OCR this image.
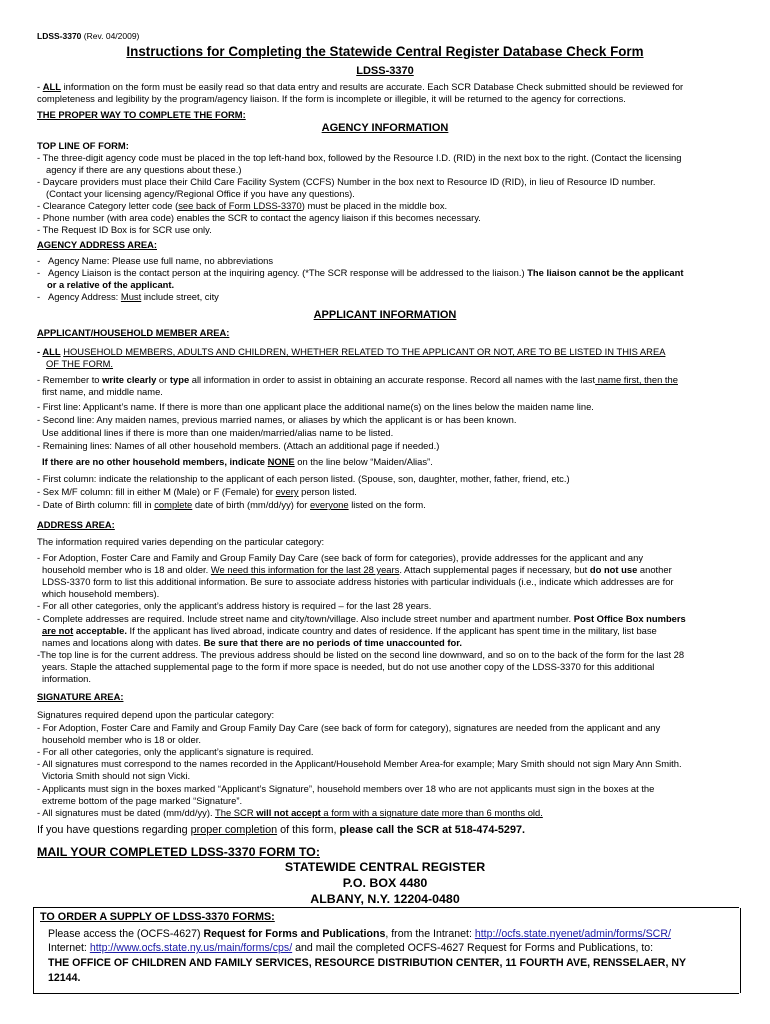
LDSS-3370 (Rev. 04/2009)
Instructions for Completing the Statewide Central Register Database Check Form
LDSS-3370
- ALL information on the form must be easily read so that data entry and results are accurate. Each SCR Database Check submitted should be reviewed for
completeness and legibility by the program/agency liaison. If the form is incomplete or illegible, it will be returned to the agency for corrections.
THE PROPER WAY TO COMPLETE THE FORM:
AGENCY INFORMATION
TOP LINE OF FORM:
- The three-digit agency code must be placed in the top left-hand box, followed by the Resource I.D. (RID) in the next box to the right. (Contact the licensing
agency if there are any questions about these.)
- Daycare providers must place their Child Care Facility System (CCFS) Number in the box next to Resource ID (RID), in lieu of Resource ID number.
(Contact your licensing agency/Regional Office if you have any questions).
- Clearance Category letter code (see back of Form LDSS-3370) must be placed in the middle box.
- Phone number (with area code) enables the SCR to contact the agency liaison if this becomes necessary.
- The Request ID Box is for SCR use only.
AGENCY ADDRESS AREA:
-   Agency Name: Please use full name, no abbreviations
-   Agency Liaison is the contact person at the inquiring agency. (*The SCR response will be addressed to the liaison.) The liaison cannot be the applicant
or a relative of the applicant.
-   Agency Address: Must include street, city
APPLICANT INFORMATION
APPLICANT/HOUSEHOLD MEMBER AREA:
- ALL HOUSEHOLD MEMBERS, ADULTS AND CHILDREN, WHETHER RELATED TO THE APPLICANT OR NOT, ARE TO BE LISTED IN THIS AREA
OF THE FORM.
- Remember to write clearly or type all information in order to assist in obtaining an accurate response. Record all names with the last name first, then the
first name, and middle name.
- First line: Applicant’s name. If there is more than one applicant place the additional name(s) on the lines below the maiden name line.
- Second line: Any maiden names, previous married names, or aliases by which the applicant is or has been known.
Use additional lines if there is more than one maiden/married/alias name to be listed.
- Remaining lines: Names of all other household members. (Attach an additional page if needed.)
If there are no other household members, indicate NONE on the line below “Maiden/Alias”.
- First column: indicate the relationship to the applicant of each person listed. (Spouse, son, daughter, mother, father, friend, etc.)
- Sex M/F column: fill in either M (Male) or F (Female) for every person listed.
- Date of Birth column: fill in complete date of birth (mm/dd/yy) for everyone listed on the form.
ADDRESS AREA:
The information required varies depending on the particular category:
- For Adoption, Foster Care and Family and Group Family Day Care (see back of form for categories), provide addresses for the applicant and any
household member who is 18 and older. We need this information for the last 28 years. Attach supplemental pages if necessary, but do not use another
LDSS-3370 form to list this additional information. Be sure to associate address histories with particular individuals (i.e., indicate which addresses are for
which household members).
- For all other categories, only the applicant’s address history is required – for the last 28 years.
- Complete addresses are required. Include street name and city/town/village. Also include street number and apartment number. Post Office Box numbers
are not acceptable. If the applicant has lived abroad, indicate country and dates of residence. If the applicant has spent time in the military, list base
names and locations along with dates. Be sure that there are no periods of time unaccounted for.
-The top line is for the current address. The previous address should be listed on the second line downward, and so on to the back of the form for the last 28
years. Staple the attached supplemental page to the form if more space is needed, but do not use another copy of the LDSS-3370 for this additional
information.
SIGNATURE AREA:
Signatures required depend upon the particular category:
- For Adoption, Foster Care and Family and Group Family Day Care (see back of form for category), signatures are needed from the applicant and any
household member who is 18 or older.
- For all other categories, only the applicant’s signature is required.
- All signatures must correspond to the names recorded in the Applicant/Household Member Area-for example; Mary Smith should not sign Mary Ann Smith.
Victoria Smith should not sign Vicki.
- Applicants must sign in the boxes marked “Applicant’s Signature”, household members over 18 who are not applicants must sign in the boxes at the
extreme bottom of the page marked “Signature”.
- All signatures must be dated (mm/dd/yy). The SCR will not accept a form with a signature date more than 6 months old.
If you have questions regarding proper completion of this form, please call the SCR at 518-474-5297.
MAIL YOUR COMPLETED LDSS-3370 FORM TO:
STATEWIDE CENTRAL REGISTER
P.O. BOX 4480
ALBANY, N.Y. 12204-0480
TO ORDER A SUPPLY OF LDSS-3370 FORMS:
Please access the (OCFS-4627) Request for Forms and Publications, from the Intranet: http://ocfs.state.nyenet/admin/forms/SCR/
Internet: http://www.ocfs.state.ny.us/main/forms/cps/ and mail the completed OCFS-4627 Request for Forms and Publications, to:
THE OFFICE OF CHILDREN AND FAMILY SERVICES, RESOURCE DISTRIBUTION CENTER, 11 FOURTH AVE, RENSSELAER, NY
12144.
